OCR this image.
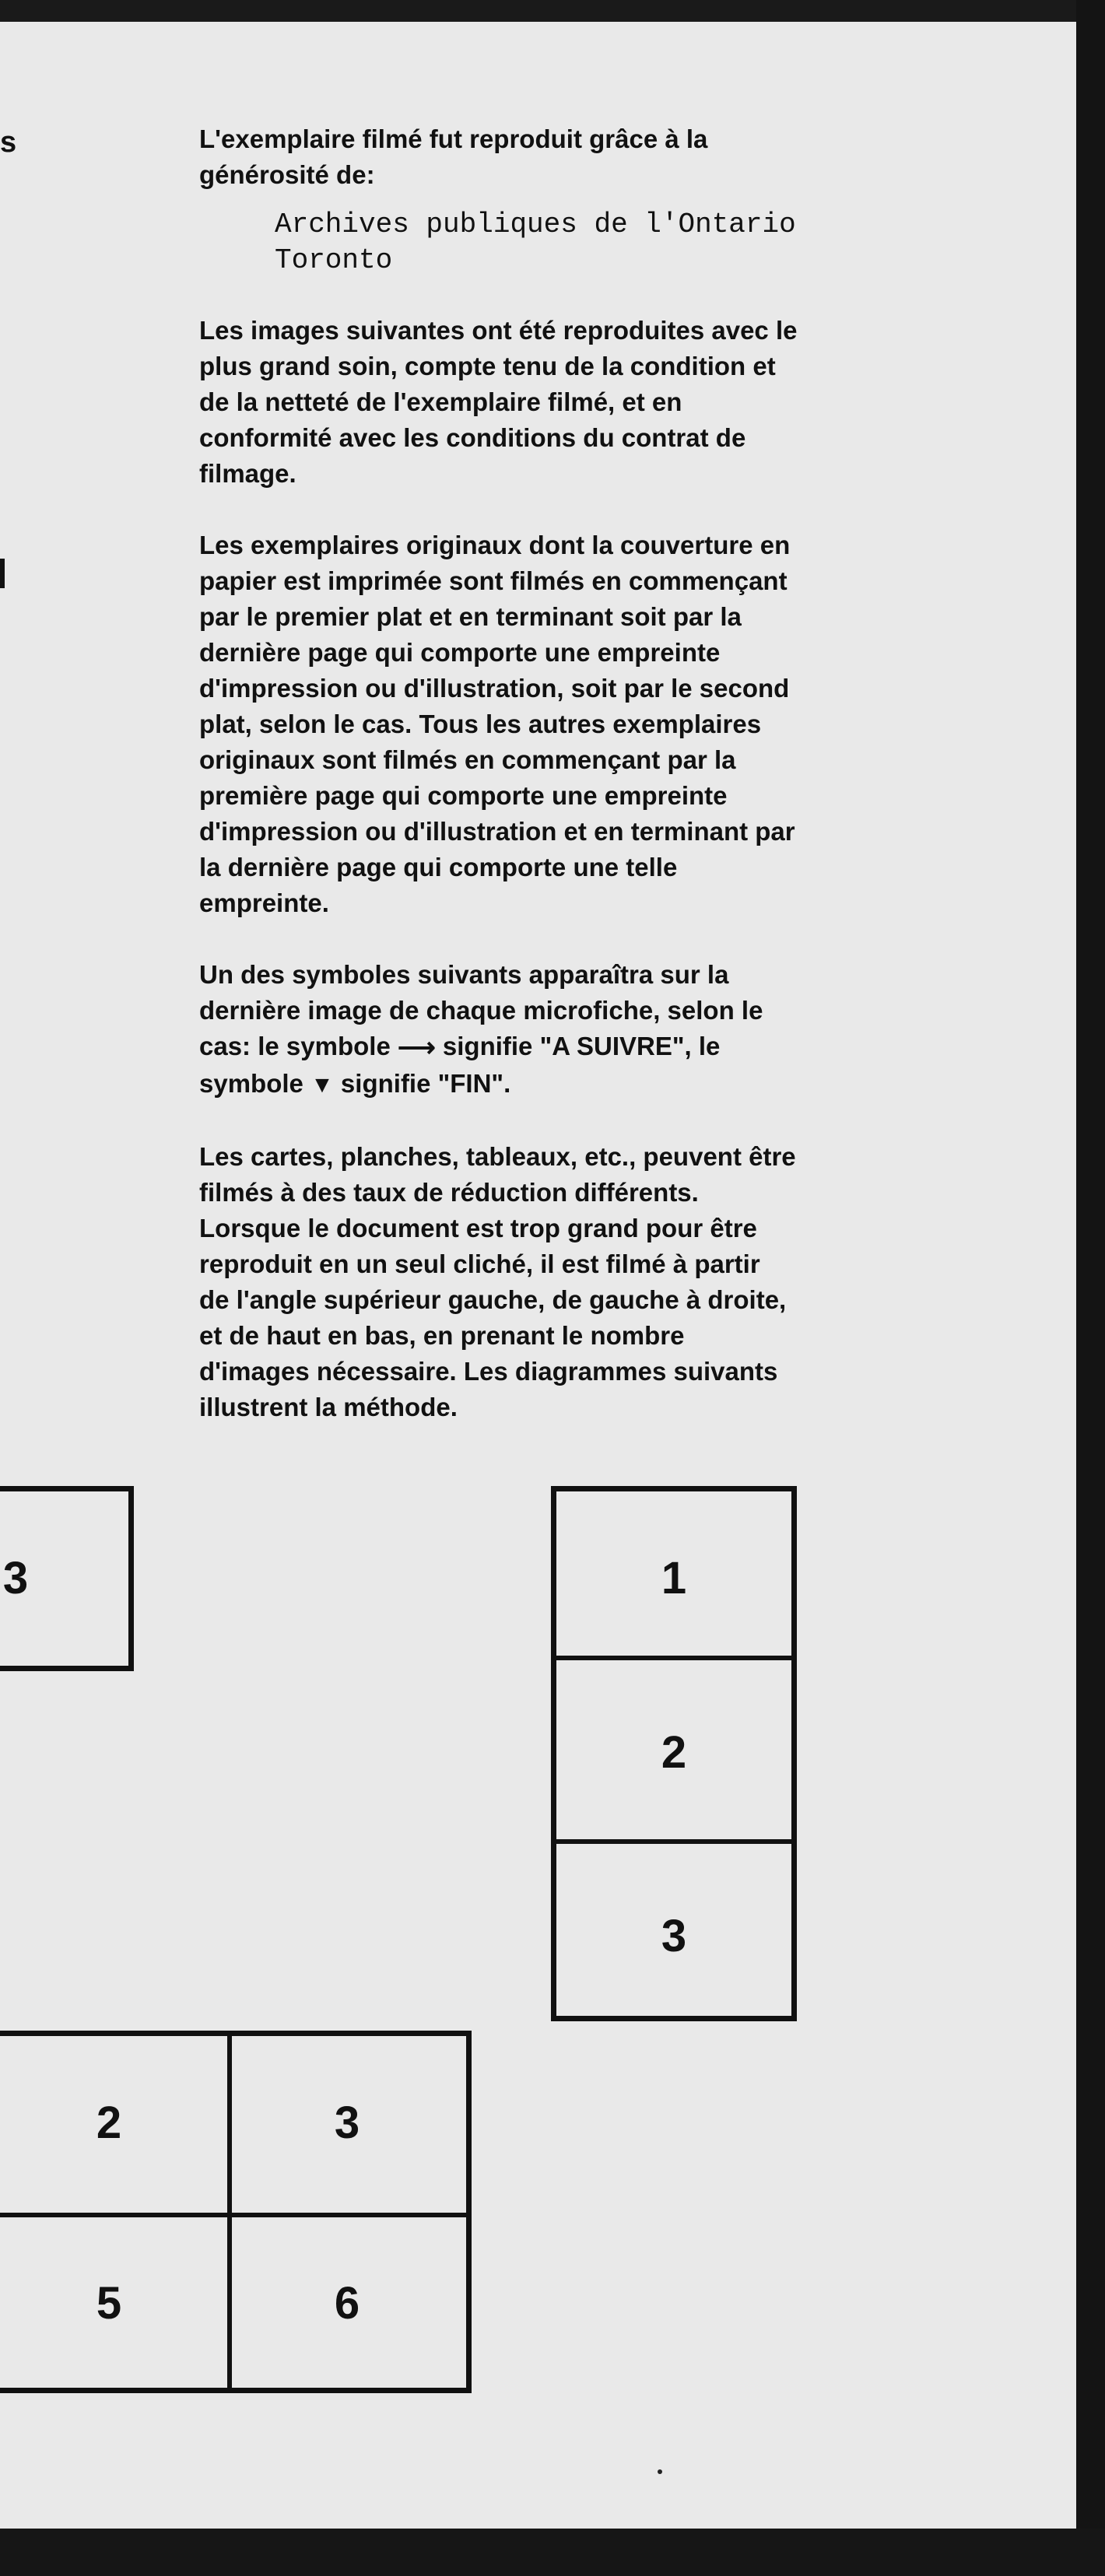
s	L'exemplaire filmé fut reproduit grâce à la
générosité de:

Archives publiques de l'Ontario
Toronto

Les images suivantes ont été reproduites avec le
plus grand soin, compte tenu de la condition et
de la netteté de l'exemplaire filmé, et en
conformité avec les conditions du contrat de
filmage.

Les exemplaires originaux dont la couverture en
papier est imprimée sont filmés en commençant
par le premier plat et en terminant soit par la
dernière page qui comporte une empreinte
d'impression ou d'illustration, soit par le second
plat, selon le cas. Tous les autres exemplaires
originaux sont filmés en commençant par la
première page qui comporte une empreinte
d'impression ou d'illustration et en terminant par
la dernière page qui comporte une telle
empreinte.

Un des symboles suivants apparaîtra sur la
dernière image de chaque microfiche, selon le
cas: le symbole ⟶ signifie "A SUIVRE", le
symbole ▼ signifie "FIN".

Les cartes, planches, tableaux, etc., peuvent être
filmés à des taux de réduction différents.
Lorsque le document est trop grand pour être
reproduit en un seul cliché, il est filmé à partir
de l'angle supérieur gauche, de gauche à droite,
et de haut en bas, en prenant le nombre
d'images nécessaire. Les diagrammes suivants
illustrent la méthode.

3	1
2
3
2	3
5	6
